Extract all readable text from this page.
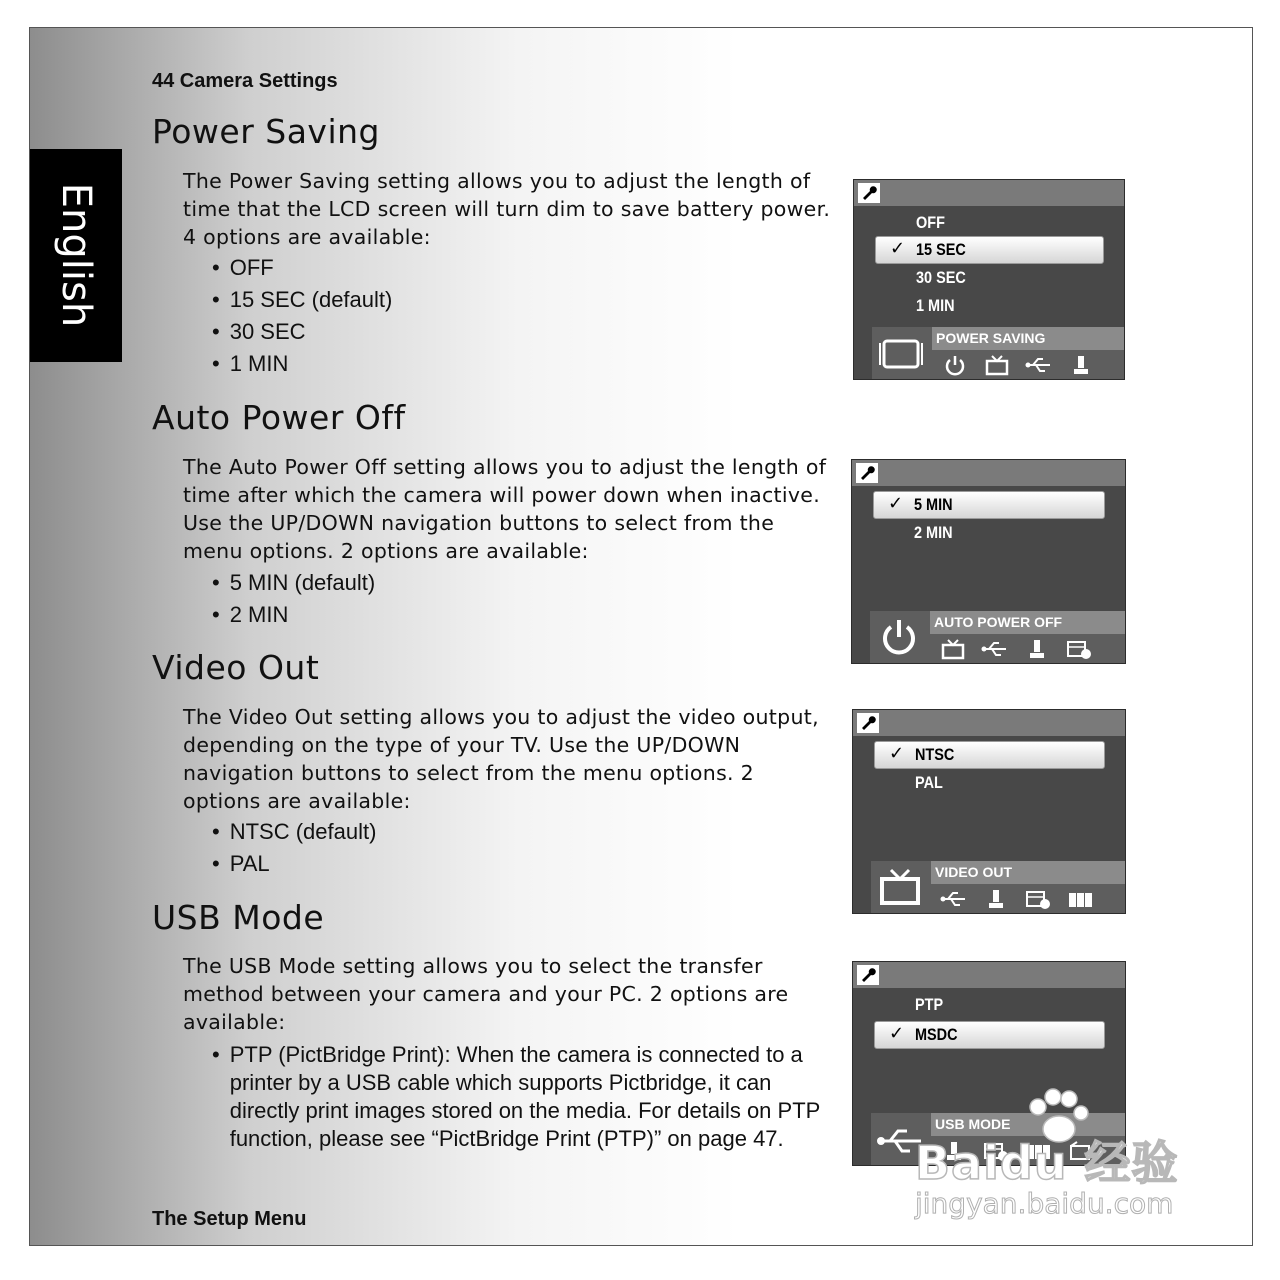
English
44 Camera Settings
Power Saving

The Power Saving setting allows you to adjust the length of time that the LCD screen will turn dim to save battery power. 4 options are available:

• OFF
• 15 SEC (default)
• 30 SEC
• 1 MIN
Auto Power Off

The Auto Power Off setting allows you to adjust the length of time after which the camera will power down when inactive. Use the UP/DOWN navigation buttons to select from the menu options. 2 options are available:

• 5 MIN (default)
• 2 MIN
Video Out

The Video Out setting allows you to adjust the video output, depending on the type of your TV. Use the UP/DOWN navigation buttons to select from the menu options. 2 options are available:

• NTSC (default)
• PAL
USB Mode

The USB Mode setting allows you to select the transfer method between your camera and your PC. 2 options are available:

• PTP (PictBridge Print): When the camera is connected to a printer by a USB cable which supports Pictbridge, it can directly print images stored on the media. For details on PTP function, please see “PictBridge Print (PTP)” on page 47.
The Setup Menu
OFF
✓ 15 SEC
30 SEC
1 MIN
POWER SAVING
✓ 5 MIN
2 MIN
AUTO POWER OFF
✓ NTSC
PAL
VIDEO OUT
PTP
✓ MSDC
USB MODE
Baidu 经验
jingyan.baidu.com
